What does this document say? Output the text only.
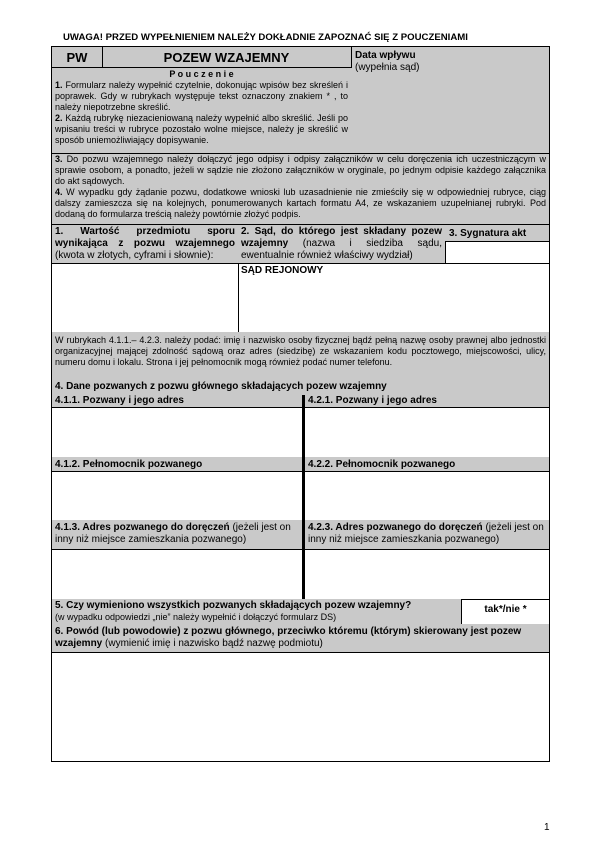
UWAGA! PRZED WYPEŁNIENIEM NALEŻY DOKŁADNIE ZAPOZNAĆ SIĘ Z POUCZENIAMI
PW	POZEW WZAJEMNY	Data wpływu
(wypełnia sąd)
P o u c z e n i e
1. Formularz należy wypełnić czytelnie, dokonując wpisów bez skreśleń i poprawek. Gdy w rubrykach występuje tekst oznaczony znakiem * , to należy niepotrzebne skreślić.
2. Każdą rubrykę niezacieniowaną należy wypełnić albo skreślić. Jeśli po wpisaniu treści w rubryce pozostało wolne miejsce, należy je skreślić w sposób uniemożliwiający dopisywanie.
3. Do pozwu wzajemnego należy dołączyć jego odpisy i odpisy załączników w celu doręczenia ich uczestniczącym w sprawie osobom, a ponadto, jeżeli w sądzie nie złożono załączników w oryginale, po jednym odpisie każdego załącznika do akt sądowych.
4. W wypadku gdy żądanie pozwu, dodatkowe wnioski lub uzasadnienie nie zmieściły się w odpowiedniej rubryce, ciąg dalszy zamieszcza się na kolejnych, ponumerowanych kartach formatu A4, ze wskazaniem uzupełnianej rubryki. Pod dodaną do formularza treścią należy powtórnie złożyć podpis.
1. Wartość przedmiotu sporu wynikająca z pozwu wzajemnego (kwota w złotych, cyframi i słownie):
2. Sąd, do którego jest składany pozew wzajemny (nazwa i siedziba sądu, ewentualnie również właściwy wydział)
3. Sygnatura akt
SĄD REJONOWY
W rubrykach 4.1.1.– 4.2.3. należy podać: imię i nazwisko osoby fizycznej bądź pełną nazwę osoby prawnej albo jednostki organizacyjnej mającej zdolność sądową oraz adres (siedzibę) ze wskazaniem kodu pocztowego, miejscowości, ulicy, numeru domu i lokalu. Strona i jej pełnomocnik mogą również podać numer telefonu.
4. Dane pozwanych z pozwu głównego składających pozew wzajemny
4.1.1. Pozwany i jego adres	4.2.1. Pozwany i jego adres
4.1.2. Pełnomocnik pozwanego	4.2.2. Pełnomocnik pozwanego
4.1.3. Adres pozwanego do doręczeń (jeżeli jest on inny niż miejsce zamieszkania pozwanego)
4.2.3. Adres pozwanego do doręczeń (jeżeli jest on inny niż miejsce zamieszkania pozwanego)
5. Czy wymieniono wszystkich pozwanych składających pozew wzajemny?
(w wypadku odpowiedzi „nie” należy wypełnić i dołączyć formularz DS)
tak*/nie *
6. Powód (lub powodowie) z pozwu głównego, przeciwko któremu (którym) skierowany jest pozew wzajemny (wymienić imię i nazwisko bądź nazwę podmiotu)
1
